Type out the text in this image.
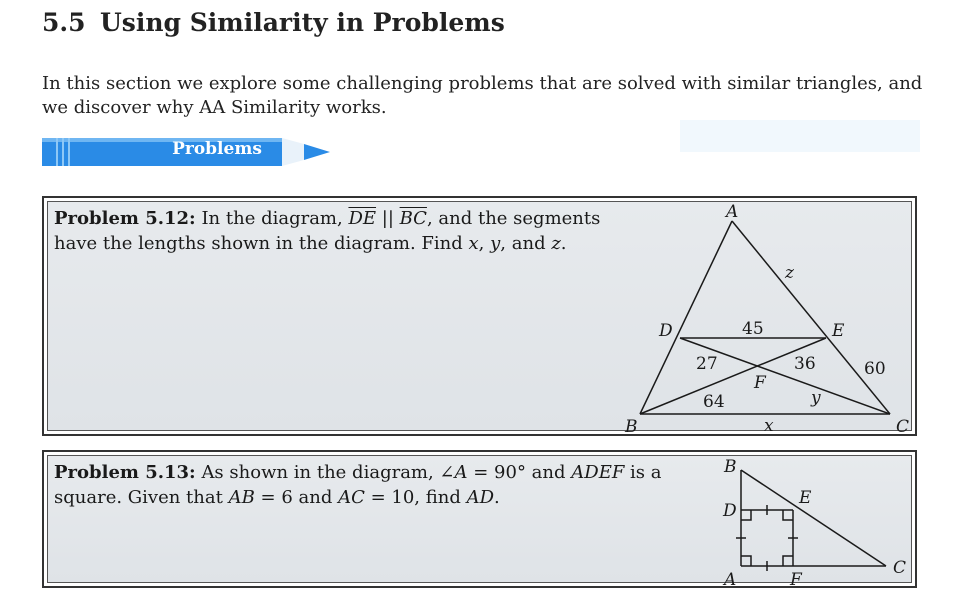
5.5 Using Similarity in Problems
In this section we explore some challenging problems that are solved with similar triangles, and we discover why AA Similarity works.
Problems
Problem 5.12: In the diagram, $\overline{DE}$ || $\overline{BC}$, and the segments have the lengths shown in the diagram. Find x, y, and z.
A
B	C
D	E
F
45
27	36
64
60
z
y
x
Problem 5.13: As shown in the diagram, ∠A = 90° and ADEF is a square. Given that AB = 6 and AC = 10, find AD.
B
D
E
A	F
C
